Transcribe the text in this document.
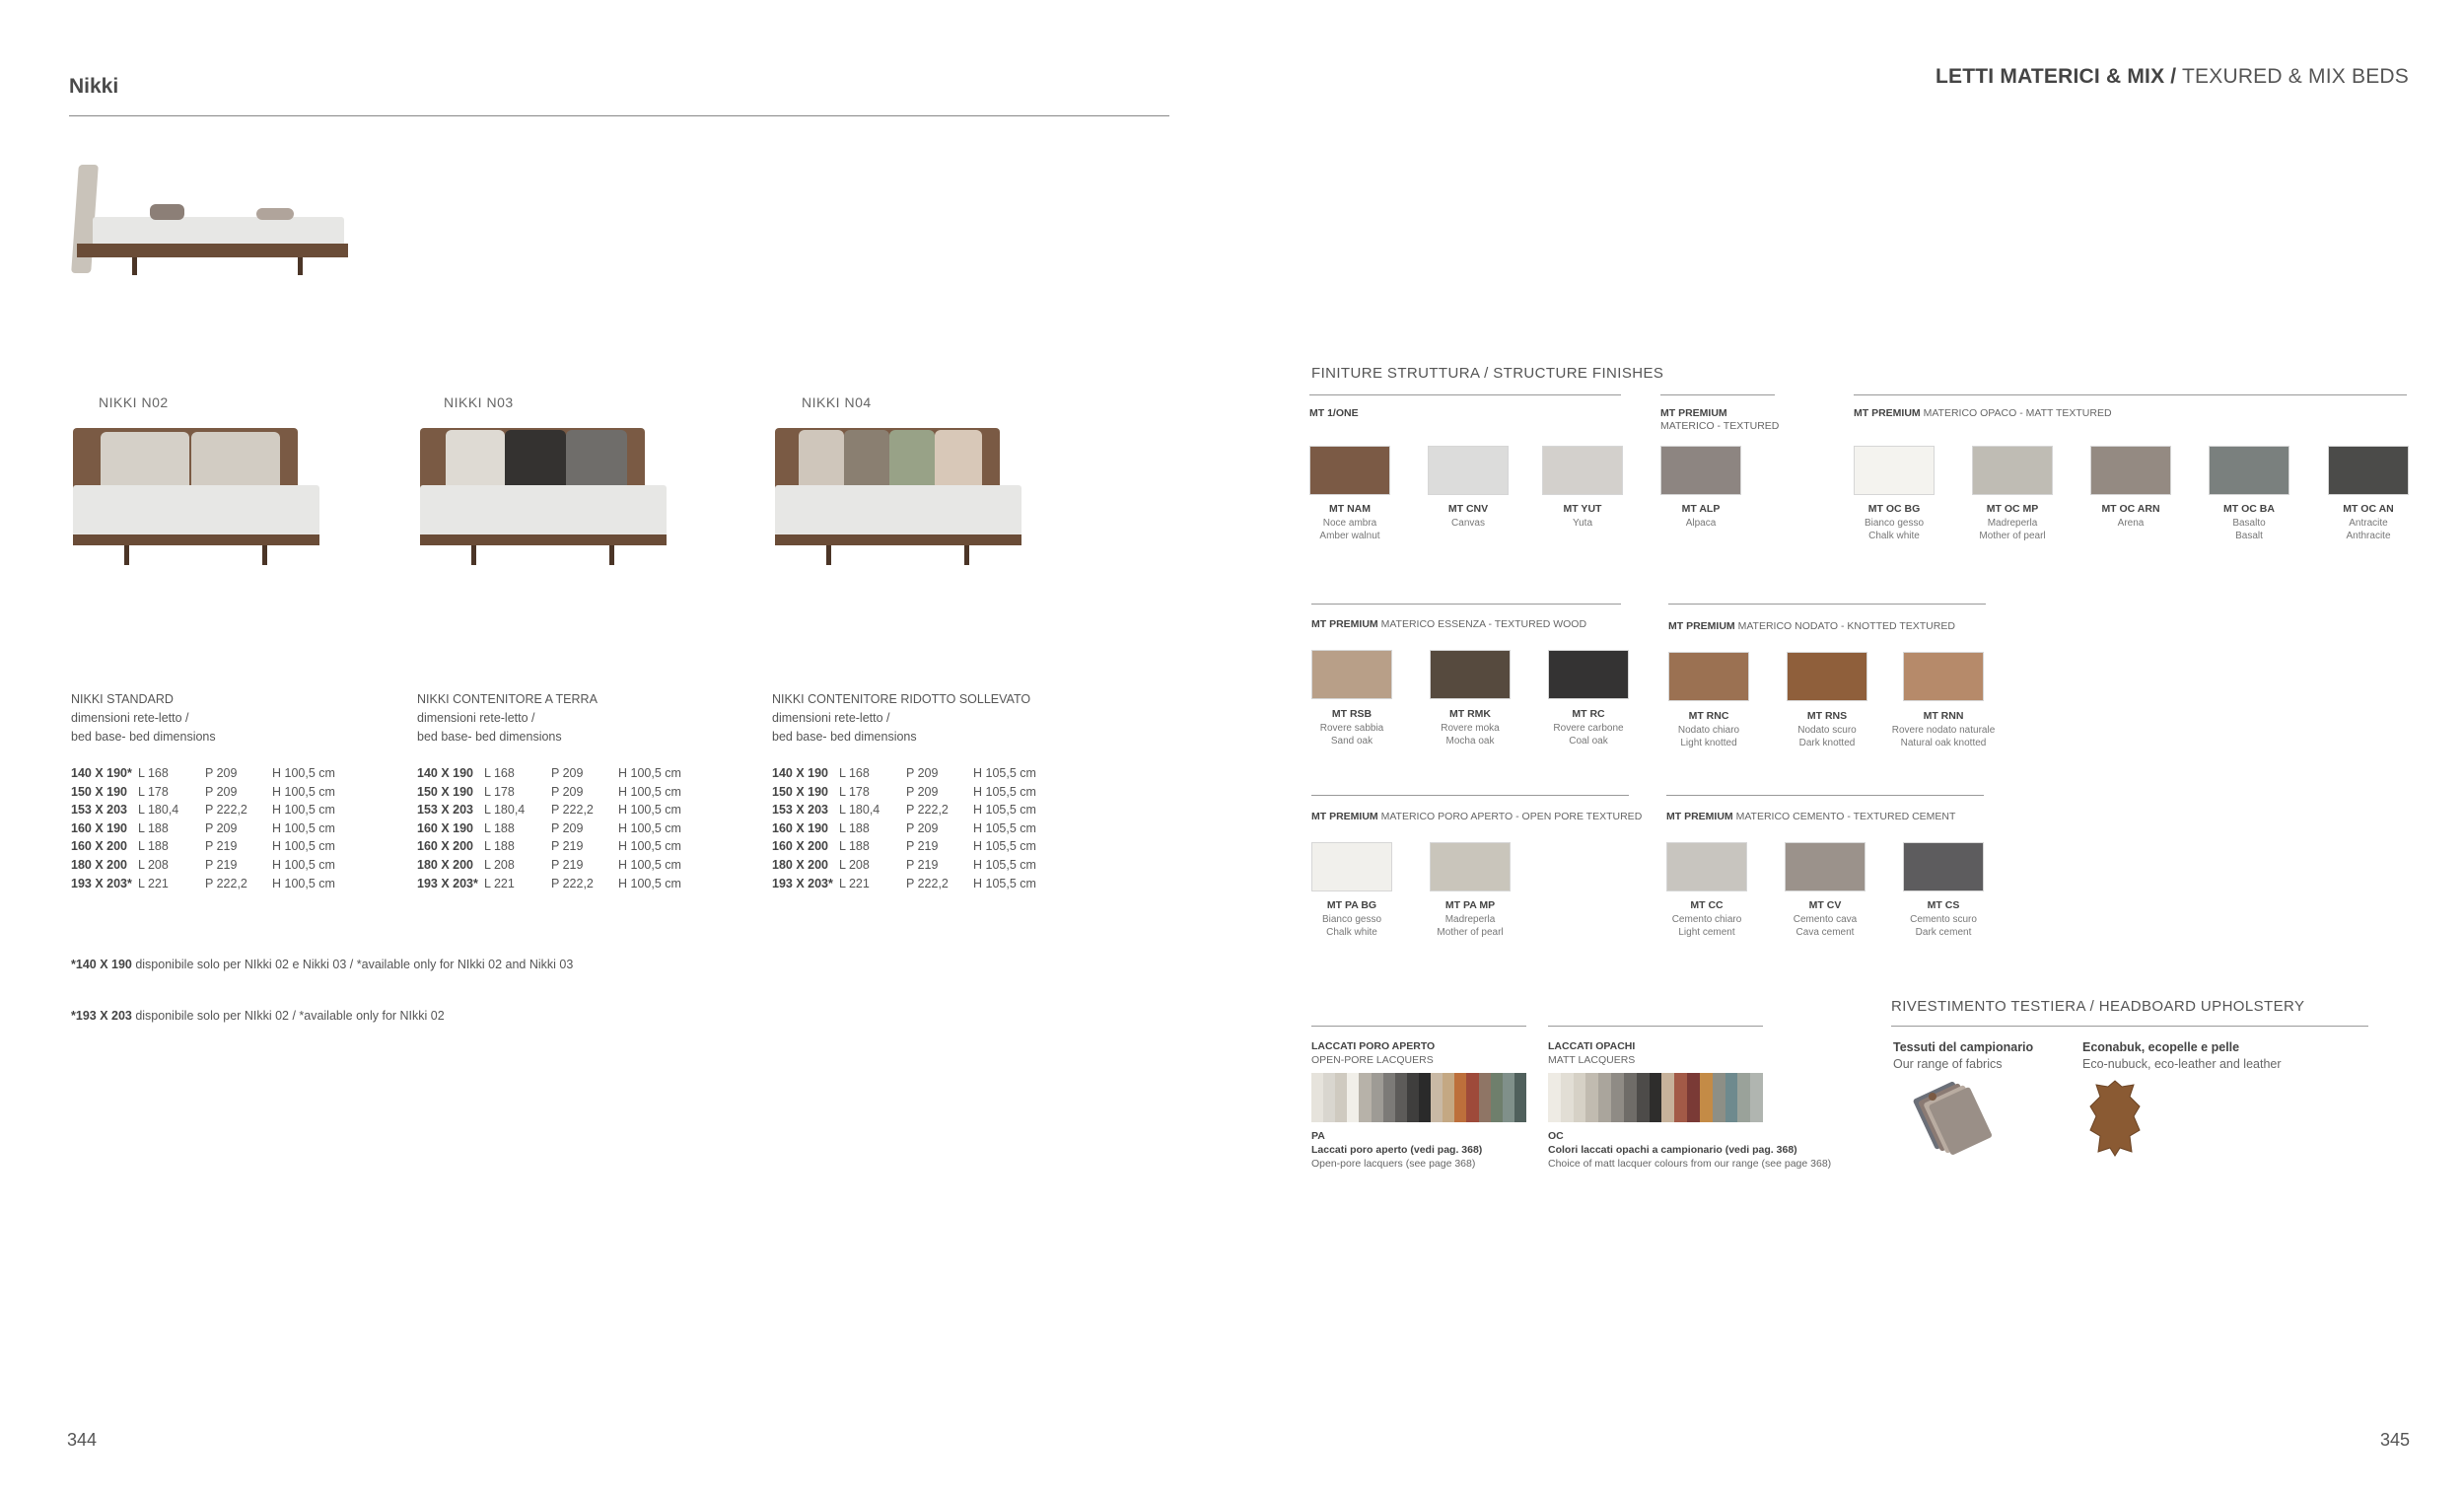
Nikki	LETTI MATERICI & MIX / TEXURED & MIX BEDS
NIKKI N02	NIKKI N03	NIKKI N04
NIKKI STANDARD
dimensioni rete-letto /
bed base- bed dimensions
140 X 190* L 168	P 209	H 100,5 cm
150 X 190 L 178	P 209	H 100,5 cm
153 X 203 L 180,4 P 222,2 H 100,5 cm
160 X 190 L 188	P 209	H 100,5 cm
160 X 200 L 188	P 219	H 100,5 cm
180 X 200 L 208	P 219	H 100,5 cm
193 X 203* L 221	P 222,2 H 100,5 cm
NIKKI CONTENITORE A TERRA
dimensioni rete-letto /
bed base- bed dimensions
140 X 190 L 168	P 209	H 100,5 cm
150 X 190 L 178	P 209	H 100,5 cm
153 X 203 L 180,4 P 222,2 H 100,5 cm
160 X 190 L 188	P 209	H 100,5 cm
160 X 200 L 188	P 219	H 100,5 cm
180 X 200 L 208	P 219	H 100,5 cm
193 X 203* L 221	P 222,2 H 100,5 cm
NIKKI CONTENITORE RIDOTTO SOLLEVATO
dimensioni rete-letto /
bed base- bed dimensions
140 X 190 L 168	P 209	H 105,5 cm
150 X 190 L 178	P 209	H 105,5 cm
153 X 203 L 180,4 P 222,2 H 105,5 cm
160 X 190 L 188	P 209	H 105,5 cm
160 X 200 L 188	P 219	H 105,5 cm
180 X 200 L 208	P 219	H 105,5 cm
193 X 203* L 221	P 222,2 H 105,5 cm
*140 X 190 disponibile solo per NIkki 02 e Nikki 03 / *available only for NIkki 02 and Nikki 03
*193 X 203 disponibile solo per NIkki 02 / *available only for NIkki 02
344	345
FINITURE STRUTTURA / STRUCTURE FINISHES
MT 1/ONE	MT PREMIUM
MATERICO - TEXTURED
MT PREMIUM MATERICO OPACO - MATT TEXTURED
MT NAM
Noce ambra
Amber walnut
MT CNV
Canvas

MT YUT
Yuta

MT ALP
Alpaca

MT OC BG
Bianco gesso
Chalk white
MT OC MP
Madreperla
Mother of pearl
MT OC ARN
Arena

MT OC BA
Basalto
Basalt
MT OC AN
Antracite
Anthracite
MT PREMIUM MATERICO ESSENZA - TEXTURED WOOD	MT PREMIUM MATERICO NODATO - KNOTTED TEXTURED
MT RSB
Rovere sabbia
Sand oak
MT RMK
Rovere moka
Mocha oak
MT RC
Rovere carbone
Coal oak
MT RNC
Nodato chiaro
Light knotted
MT RNS
Nodato scuro
Dark knotted
MT RNN
Rovere nodato naturale
Natural oak knotted
MT PREMIUM MATERICO PORO APERTO - OPEN PORE TEXTURED MT PREMIUM MATERICO CEMENTO - TEXTURED CEMENT
MT PA BG
Bianco gesso
Chalk white
MT PA MP
Madreperla
Mother of pearl
MT CC
Cemento chiaro
Light cement
MT CV
Cemento cava
Cava cement
MT CS
Cemento scuro
Dark cement
LACCATI PORO APERTO
OPEN-PORE LACQUERS
LACCATI OPACHI
MATT LACQUERS
PA
Laccati poro aperto (vedi pag. 368)
Open-pore lacquers (see page 368)
OC
Colori laccati opachi a campionario (vedi pag. 368)
Choice of matt lacquer colours from our range (see page 368)
RIVESTIMENTO TESTIERA / HEADBOARD UPHOLSTERY
Tessuti del campionario
Our range of fabrics
Econabuk, ecopelle e pelle
Eco-nubuck, eco-leather and leather
